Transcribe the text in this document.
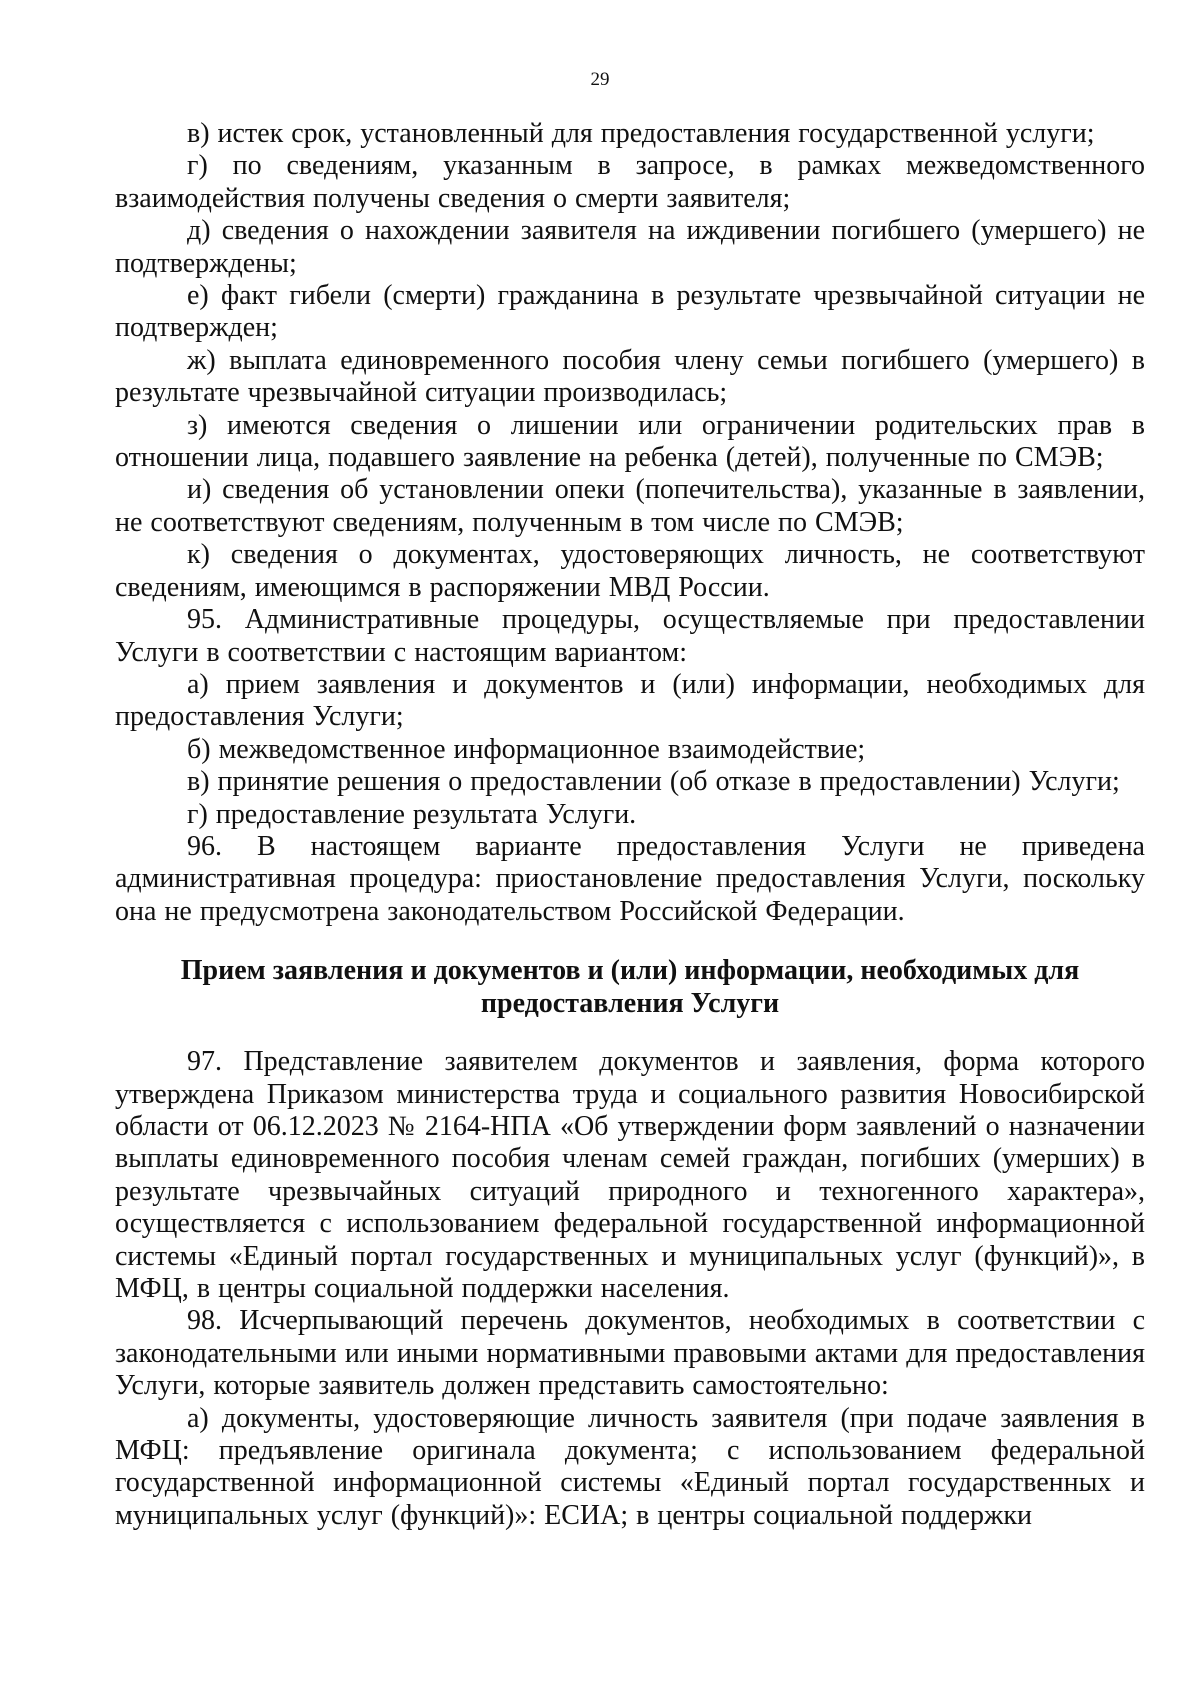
29

в) истек срок, установленный для предоставления государственной услуги;

г) по сведениям, указанным в запросе, в рамках межведомственного взаимодействия получены сведения о смерти заявителя;

д) сведения о нахождении заявителя на иждивении погибшего (умершего) не подтверждены;

е) факт гибели (смерти) гражданина в результате чрезвычайной ситуации не подтвержден;

ж) выплата единовременного пособия члену семьи погибшего (умершего) в результате чрезвычайной ситуации производилась;

з) имеются сведения о лишении или ограничении родительских прав в отношении лица, подавшего заявление на ребенка (детей), полученные по СМЭВ;

и) сведения об установлении опеки (попечительства), указанные в заявлении, не соответствуют сведениям, полученным в том числе по СМЭВ;

к) сведения о документах, удостоверяющих личность, не соответствуют сведениям, имеющимся в распоряжении МВД России.

95. Административные процедуры, осуществляемые при предоставлении Услуги в соответствии с настоящим вариантом:

а) прием заявления и документов и (или) информации, необходимых для предоставления Услуги;

б) межведомственное информационное взаимодействие;

в) принятие решения о предоставлении (об отказе в предоставлении) Услуги;

г) предоставление результата Услуги.

96. В настоящем варианте предоставления Услуги не приведена административная процедура: приостановление предоставления Услуги, поскольку она не предусмотрена законодательством Российской Федерации.

Прием заявления и документов и (или) информации, необходимых для предоставления Услуги

97. Представление заявителем документов и заявления, форма которого утверждена Приказом министерства труда и социального развития Новосибирской области от 06.12.2023 № 2164-НПА «Об утверждении форм заявлений о назначении выплаты единовременного пособия членам семей граждан, погибших (умерших) в результате чрезвычайных ситуаций природного и техногенного характера», осуществляется с использованием федеральной государственной информационной системы «Единый портал государственных и муниципальных услуг (функций)», в МФЦ, в центры социальной поддержки населения.

98. Исчерпывающий перечень документов, необходимых в соответствии с законодательными или иными нормативными правовыми актами для предоставления Услуги, которые заявитель должен представить самостоятельно:

а) документы, удостоверяющие личность заявителя (при подаче заявления в МФЦ: предъявление оригинала документа; с использованием федеральной государственной информационной системы «Единый портал государственных и муниципальных услуг (функций)»: ЕСИА; в центры социальной поддержки
